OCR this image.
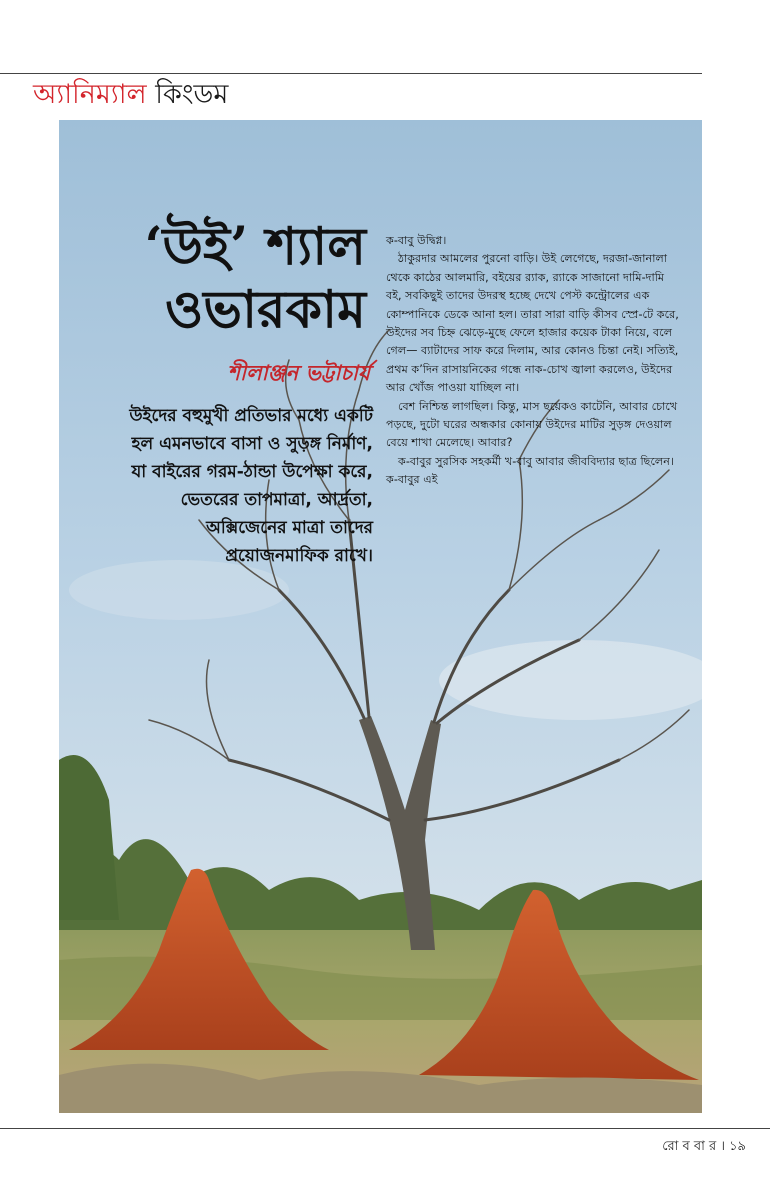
অ্যানিম্যাল কিংডম
‘উই’ শ্যাল
ওভারকাম
শীলাঞ্জন ভট্টাচার্য
উইদের বহুমুখী প্রতিভার মধ্যে একটি হল এমনভাবে বাসা ও সুড়ঙ্গ নির্মাণ, যা বাইরের গরম-ঠান্ডা উপেক্ষা করে, ভেতরের তাপমাত্রা, আর্দ্রতা, অক্সিজেনের মাত্রা তাদের প্রয়োজনমাফিক রাখে।

ক-বাবু উদ্বিগ্ন।

ঠাকুরদার আমলের পুরনো বাড়ি। উই লেগেছে, দরজা-জানালা থেকে কাঠের আলমারি, বইয়ের র‌্যাক, র‌্যাকে সাজানো দামি-দামি বই, সবকিছুই তাদের উদরস্থ হচ্ছে দেখে পেস্ট কন্ট্রোলের এক কোম্পানিকে ডেকে আনা হল। তারা সারা বাড়ি কীসব স্প্রে-টে করে, উইদের সব চিহ্ন ঝেড়ে-মুছে ফেলে হাজার কয়েক টাকা নিয়ে, বলে গেল— ব্যাটাদের সাফ করে দিলাম, আর কোনও চিন্তা নেই। সত্যিই, প্রথম ক’দিন রাসায়নিকের গন্ধে নাক-চোখ জ্বালা করলেও, উইদের আর খোঁজ পাওয়া যাচ্ছিল না।

বেশ নিশ্চিন্ত লাগছিল। কিন্তু, মাস ছয়েকও কাটেনি, আবার চোখে পড়ছে, দুটো ঘরের অন্ধকার কোনায় উইদের মাটির সুড়ঙ্গ দেওয়াল বেয়ে শাখা মেলেছে। আবার?

ক-বাবুর সুরসিক সহকর্মী খ-বাবু আবার জীববিদ্যার ছাত্র ছিলেন। ক-বাবুর এই

রো ব বা র । ১৯
